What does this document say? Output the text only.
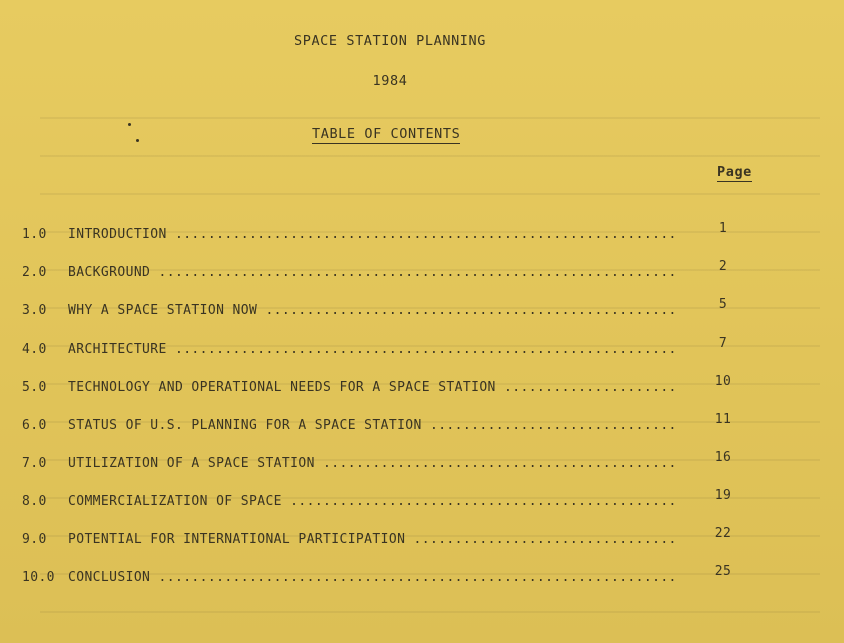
SPACE STATION PLANNING
1984
TABLE OF CONTENTS
Page
1.0 INTRODUCTION .............................................................	1
2.0 BACKGROUND ...............................................................	2
3.0 WHY A SPACE STATION NOW ..................................................	5
4.0 ARCHITECTURE .............................................................	7
5.0 TECHNOLOGY AND OPERATIONAL NEEDS FOR A SPACE STATION .....................	10
6.0 STATUS OF U.S. PLANNING FOR A SPACE STATION ..............................	11
7.0 UTILIZATION OF A SPACE STATION ...........................................	16
8.0 COMMERCIALIZATION OF SPACE ...............................................	19
9.0 POTENTIAL FOR INTERNATIONAL PARTICIPATION ................................	22
10.0 CONCLUSION ...............................................................	25
